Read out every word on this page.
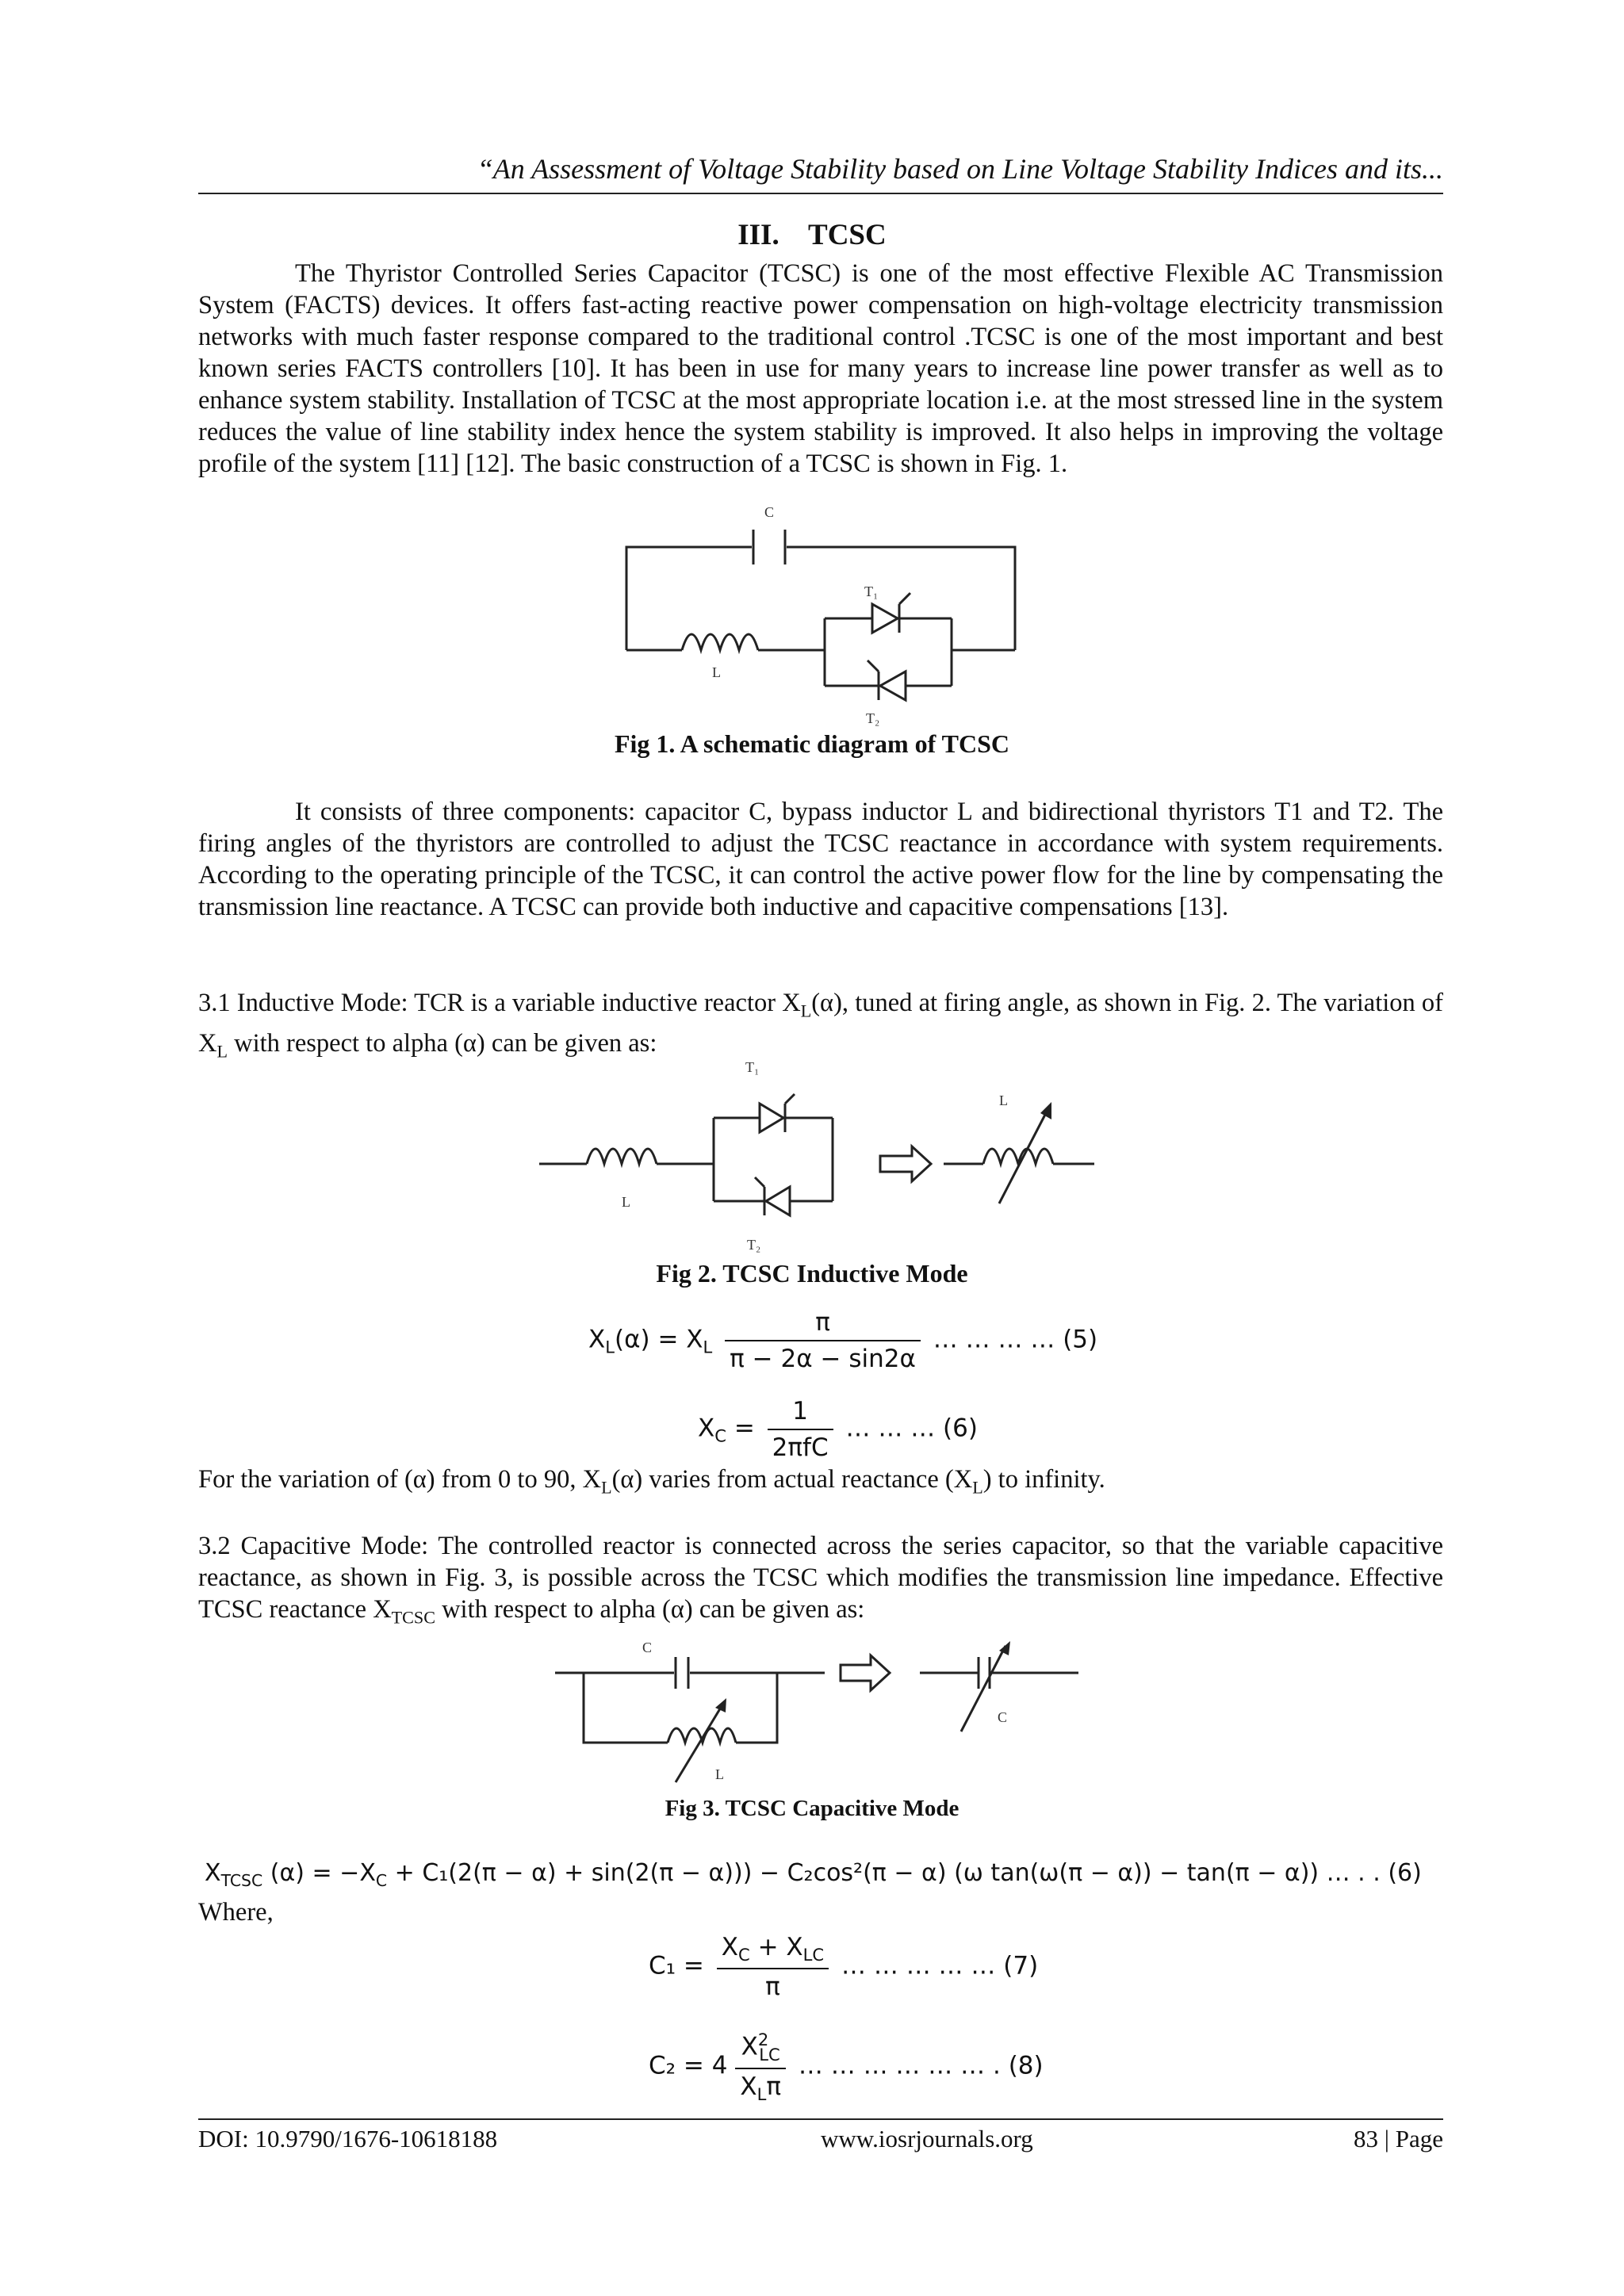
“An Assessment of Voltage Stability based on Line Voltage Stability Indices and its...
III.    TCSC

The Thyristor Controlled Series Capacitor (TCSC) is one of the most effective Flexible AC Transmission System (FACTS) devices. It offers fast-acting reactive power compensation on high-voltage electricity transmission networks with much faster response compared to the traditional control .TCSC is one of the most important and best known series FACTS controllers [10]. It has been in use for many years to increase line power transfer as well as to enhance system stability. Installation of TCSC at the most appropriate location i.e. at the most stressed line in the system reduces the value of line stability index hence the system stability is improved. It also helps in improving the voltage profile of the system [11] [12]. The basic construction of a TCSC is shown in Fig. 1.

C
L
T₁
T₂
Fig 1. A schematic diagram of TCSC

It consists of three components: capacitor C, bypass inductor L and bidirectional thyristors T1 and T2. The firing angles of the thyristors are controlled to adjust the TCSC reactance in accordance with system requirements. According to the operating principle of the TCSC, it can control the active power flow for the line by compensating the transmission line reactance. A TCSC can provide both inductive and capacitive compensations [13].

3.1 Inductive Mode: TCR is a variable inductive reactor $X_L(\alpha)$, tuned at firing angle, as shown in Fig. 2. The variation of $X_L$ with respect to alpha (α) can be given as:

T₁
L
T₂
L
Fig 2. TCSC Inductive Mode
$X_L(\alpha) = X_L \frac{\pi}{\pi - 2\alpha - \sin 2\alpha}$ … … … … (5)
$X_C = \frac{1}{\text{2πfC}}$ … … … (6)

For the variation of (α) from 0 to 90, $X_L(\alpha)$ varies from actual reactance $(X_L)$ to infinity.

3.2 Capacitive Mode: The controlled reactor is connected across the series capacitor, so that the variable capacitive reactance, as shown in Fig. 3, is possible across the TCSC which modifies the transmission line impedance. Effective TCSC reactance $X_{TCSC}$ with respect to alpha (α) can be given as:

C
L
C
Fig 3. TCSC Capacitive Mode
$X_{TCSC}$ $(\alpha) = -X_C + C_1(2(\pi - \alpha) + \sin(2(\pi - \alpha))) - C_2\cos^2(\pi - \alpha)$ (ω tan(ω(π − α)) − tan(π − α)) … . . (6)
Where,
$C_1 = \frac{X_C + X_{LC}}{\pi}$ … … … … … (7)
$C_2 = 4 \frac{X^2_{LC}}{X_L\pi}$ … … … … … … . (8)
DOI: 10.9790/1676-10618188	www.iosrjournals.org	83 | Page
